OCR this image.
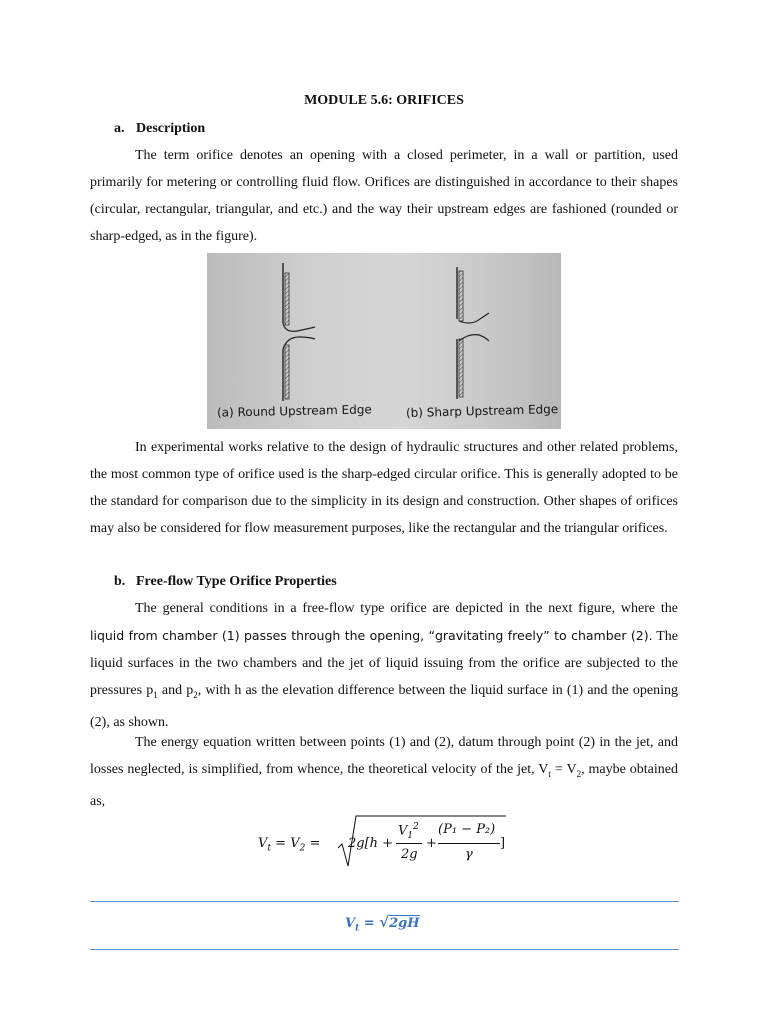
MODULE 5.6: ORIFICES
a. Description
The term orifice denotes an opening with a closed perimeter, in a wall or partition, used primarily for metering or controlling fluid flow. Orifices are distinguished in accordance to their shapes (circular, rectangular, triangular, and etc.) and the way their upstream edges are fashioned (rounded or sharp-edged, as in the figure).
(a) Round Upstream Edge	(b) Sharp Upstream Edge
In experimental works relative to the design of hydraulic structures and other related problems, the most common type of orifice used is the sharp-edged circular orifice. This is generally adopted to be the standard for comparison due to the simplicity in its design and construction. Other shapes of orifices may also be considered for flow measurement purposes, like the rectangular and the triangular orifices.
b. Free-flow Type Orifice Properties
The general conditions in a free-flow type orifice are depicted in the next figure, where the liquid from chamber (1) passes through the opening, “gravitating freely” to chamber (2). The liquid surfaces in the two chambers and the jet of liquid issuing from the orifice are subjected to the pressures $p_1$ and $p_2$, with h as the elevation difference between the liquid surface in (1) and the opening (2), as shown.
The energy equation written between points (1) and (2), datum through point (2) in the jet, and losses neglected, is simplified, from whence, the theoretical velocity of the jet, $V_t = V_2$, maybe obtained as,
$V_t = V_2 = 2g[h$ +
$V_1^2$
2g
+
(P₁ − P₂)
γ
]
$V_t = √2gH$
